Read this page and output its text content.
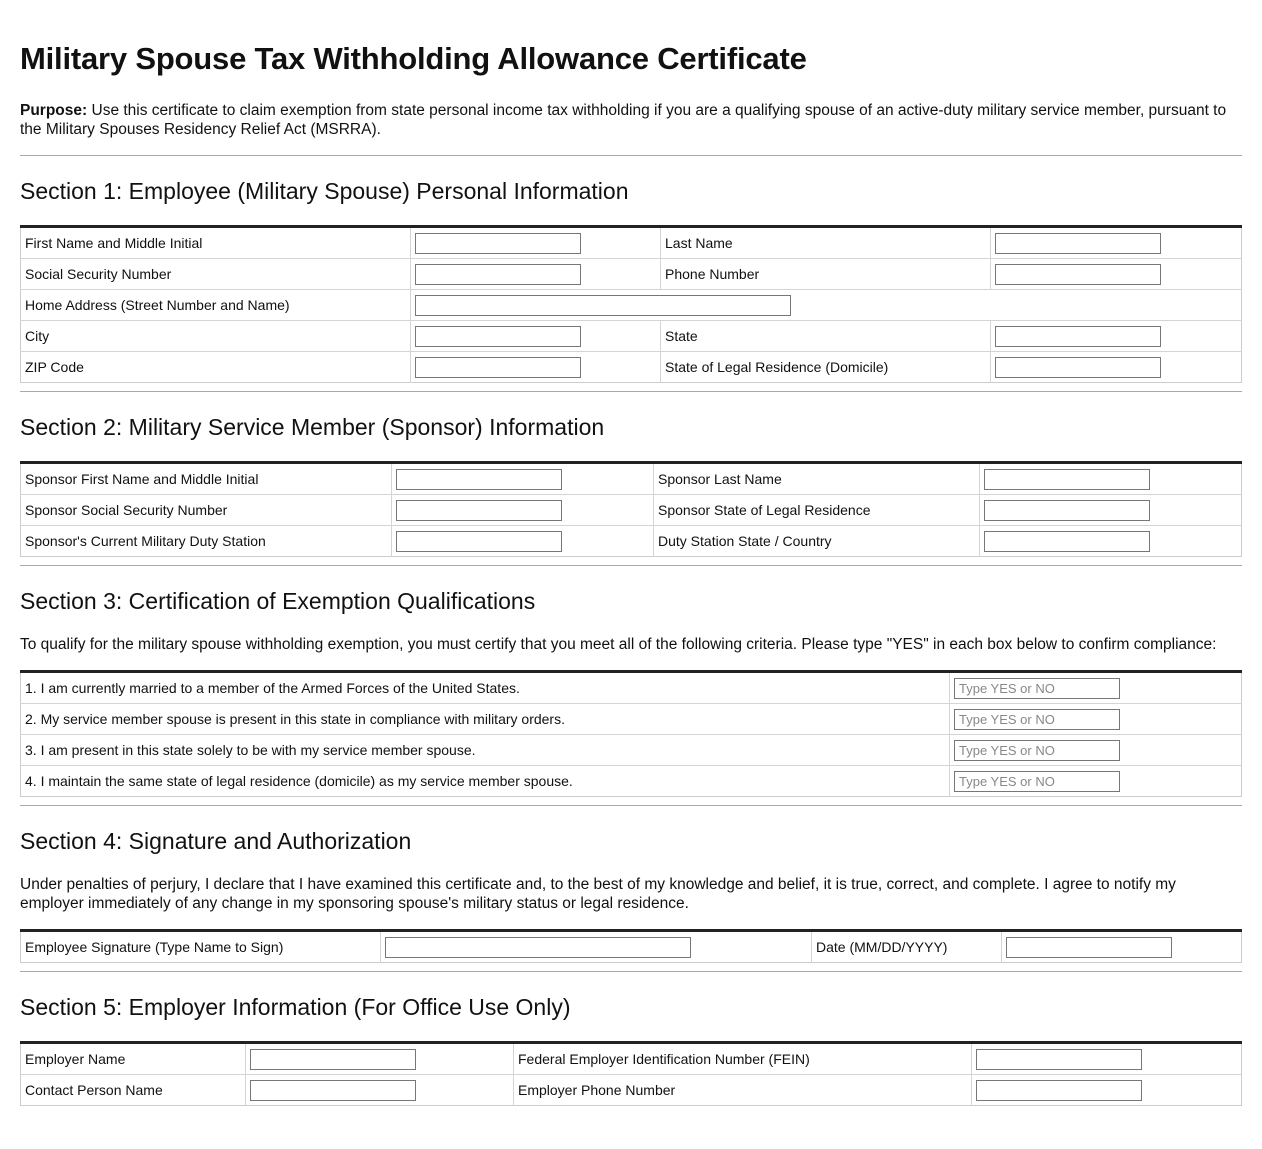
Military Spouse Tax Withholding Allowance Certificate

Purpose: Use this certificate to claim exemption from state personal income tax withholding if you are a qualifying spouse of an active-duty military service member, pursuant to the Military Spouses Residency Relief Act (MSRRA).

Section 1: Employee (Military Spouse) Personal Information
First Name and Middle Initial		Last Name	

Social Security Number		Phone Number	

Home Address (Street Number and Name)	

City		State	

ZIP Code		State of Legal Residence (Domicile)	
Section 2: Military Service Member (Sponsor) Information
Sponsor First Name and Middle Initial		Sponsor Last Name	

Sponsor Social Security Number		Sponsor State of Legal Residence	

Sponsor's Current Military Duty Station		Duty Station State / Country	
Section 3: Certification of Exemption Qualifications

To qualify for the military spouse withholding exemption, you must certify that you meet all of the following criteria. Please type "YES" in each box below to confirm compliance:

1. I am currently married to a member of the Armed Forces of the United States.	
Type YES or NO
2. My service member spouse is present in this state in compliance with military orders.	
Type YES or NO
3. I am present in this state solely to be with my service member spouse.	
Type YES or NO
4. I maintain the same state of legal residence (domicile) as my service member spouse.	
Type YES or NO
Section 4: Signature and Authorization

Under penalties of perjury, I declare that I have examined this certificate and, to the best of my knowledge and belief, it is true, correct, and complete. I agree to notify my employer immediately of any change in my sponsoring spouse's military status or legal residence.

Employee Signature (Type Name to Sign)		Date (MM/DD/YYYY)	
Section 5: Employer Information (For Office Use Only)
Employer Name		Federal Employer Identification Number (FEIN)	

Contact Person Name		Employer Phone Number	
